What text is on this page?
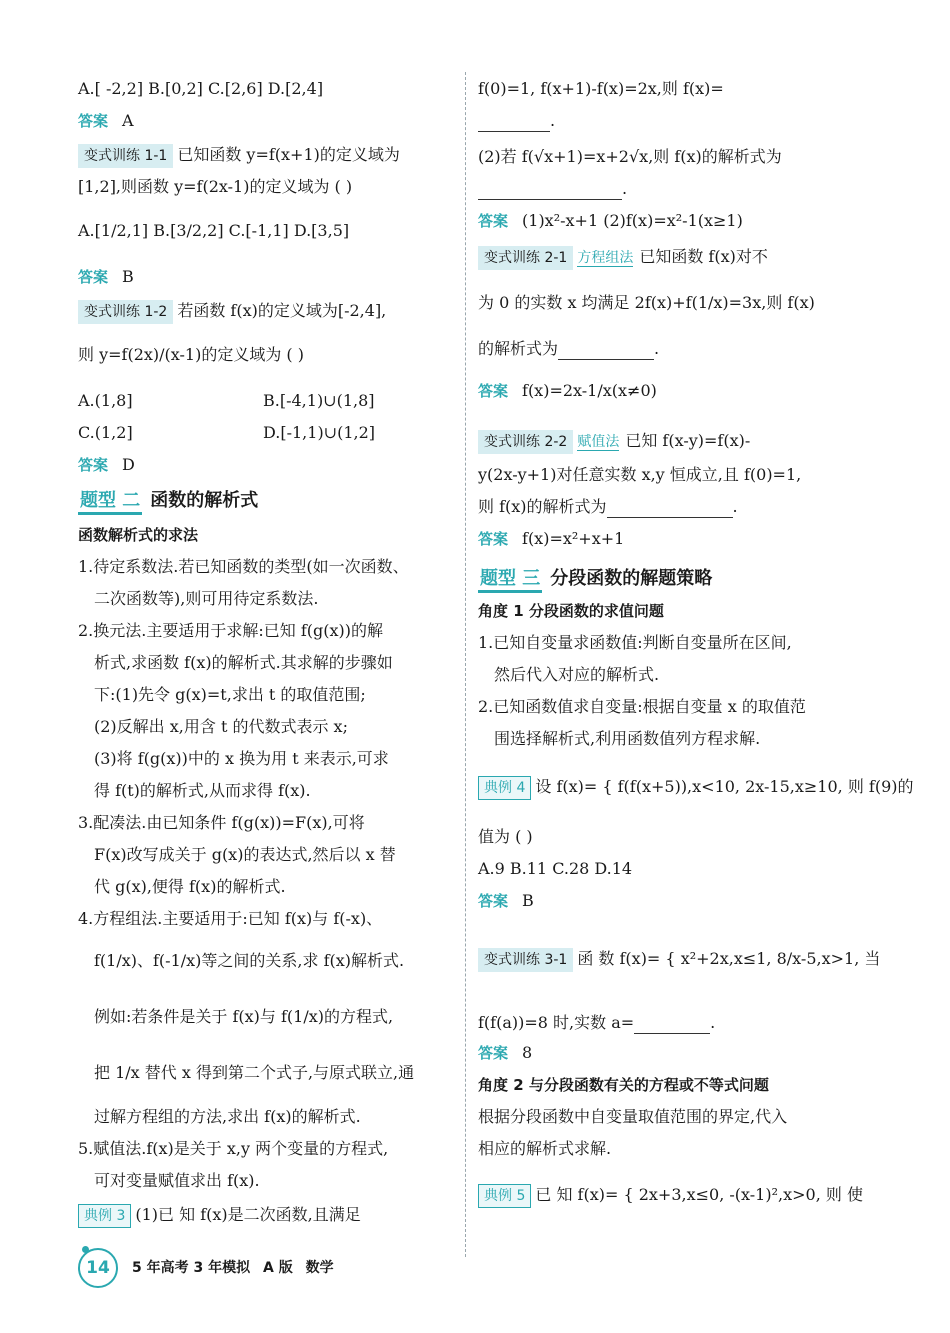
A.[ -2,2] B.[0,2] C.[2,6] D.[2,4]
答案 A
变式训练 1-1 已知函数 y=f(x+1)的定义域为
[1,2],则函数 y=f(2x-1)的定义域为 ( )
A.[1/2,1] B.[3/2,2] C.[-1,1] D.[3,5]
答案 B
变式训练 1-2 若函数 f(x)的定义域为[-2,4],
则 y=f(2x)/(x-1)的定义域为 ( )
A.(1,8]	B.[-4,1)∪(1,8]
C.(1,2]	D.[-1,1)∪(1,2]
答案 D
题型 二 函数的解析式
函数解析式的求法
1.待定系数法.若已知函数的类型(如一次函数、
二次函数等),则可用待定系数法.
2.换元法.主要适用于求解:已知 f(g(x))的解
析式,求函数 f(x)的解析式.其求解的步骤如
下:(1)先令 g(x)=t,求出 t 的取值范围;
(2)反解出 x,用含 t 的代数式表示 x;
(3)将 f(g(x))中的 x 换为用 t 来表示,可求
得 f(t)的解析式,从而求得 f(x).
3.配凑法.由已知条件 f(g(x))=F(x),可将
F(x)改写成关于 g(x)的表达式,然后以 x 替
代 g(x),便得 f(x)的解析式.
4.方程组法.主要适用于:已知 f(x)与 f(-x)、
f(1/x)、f(-1/x)等之间的关系,求 f(x)解析式.
例如:若条件是关于 f(x)与 f(1/x)的方程式,
把 1/x 替代 x 得到第二个式子,与原式联立,通
过解方程组的方法,求出 f(x)的解析式.
5.赋值法.f(x)是关于 x,y 两个变量的方程式,
可对变量赋值求出 f(x).
典例 3 (1)已 知 f(x)是二次函数,且满足
f(0)=1, f(x+1)-f(x)=2x,则 f(x)=
.
(2)若 f(√x+1)=x+2√x,则 f(x)的解析式为
.
答案 (1)x²-x+1 (2)f(x)=x²-1(x≥1)
变式训练 2-1 方程组法 已知函数 f(x)对不
为 0 的实数 x 均满足 2f(x)+f(1/x)=3x,则 f(x)
的解析式为	.
答案 f(x)=2x-1/x(x≠0)
变式训练 2-2 赋值法 已知 f(x-y)=f(x)-
y(2x-y+1)对任意实数 x,y 恒成立,且 f(0)=1,
则 f(x)的解析式为	.
答案 f(x)=x²+x+1
题型 三 分段函数的解题策略
角度 1 分段函数的求值问题
1.已知自变量求函数值:判断自变量所在区间,
然后代入对应的解析式.
2.已知函数值求自变量:根据自变量 x 的取值范
围选择解析式,利用函数值列方程求解.
典例 4 设 f(x)= { f(f(x+5)),x<10, 2x-15,x≥10, 则 f(9)的
值为 ( )
A.9 B.11 C.28 D.14
答案 B
变式训练 3-1 函 数 f(x)= { x²+2x,x≤1, 8/x-5,x>1, 当
f(f(a))=8 时,实数 a=	.
答案 8
角度 2 与分段函数有关的方程或不等式问题
根据分段函数中自变量取值范围的界定,代入
相应的解析式求解.
典例 5 已 知 f(x)= { 2x+3,x≤0, -(x-1)²,x>0, 则 使
14	5 年高考 3 年模拟 A 版 数学
